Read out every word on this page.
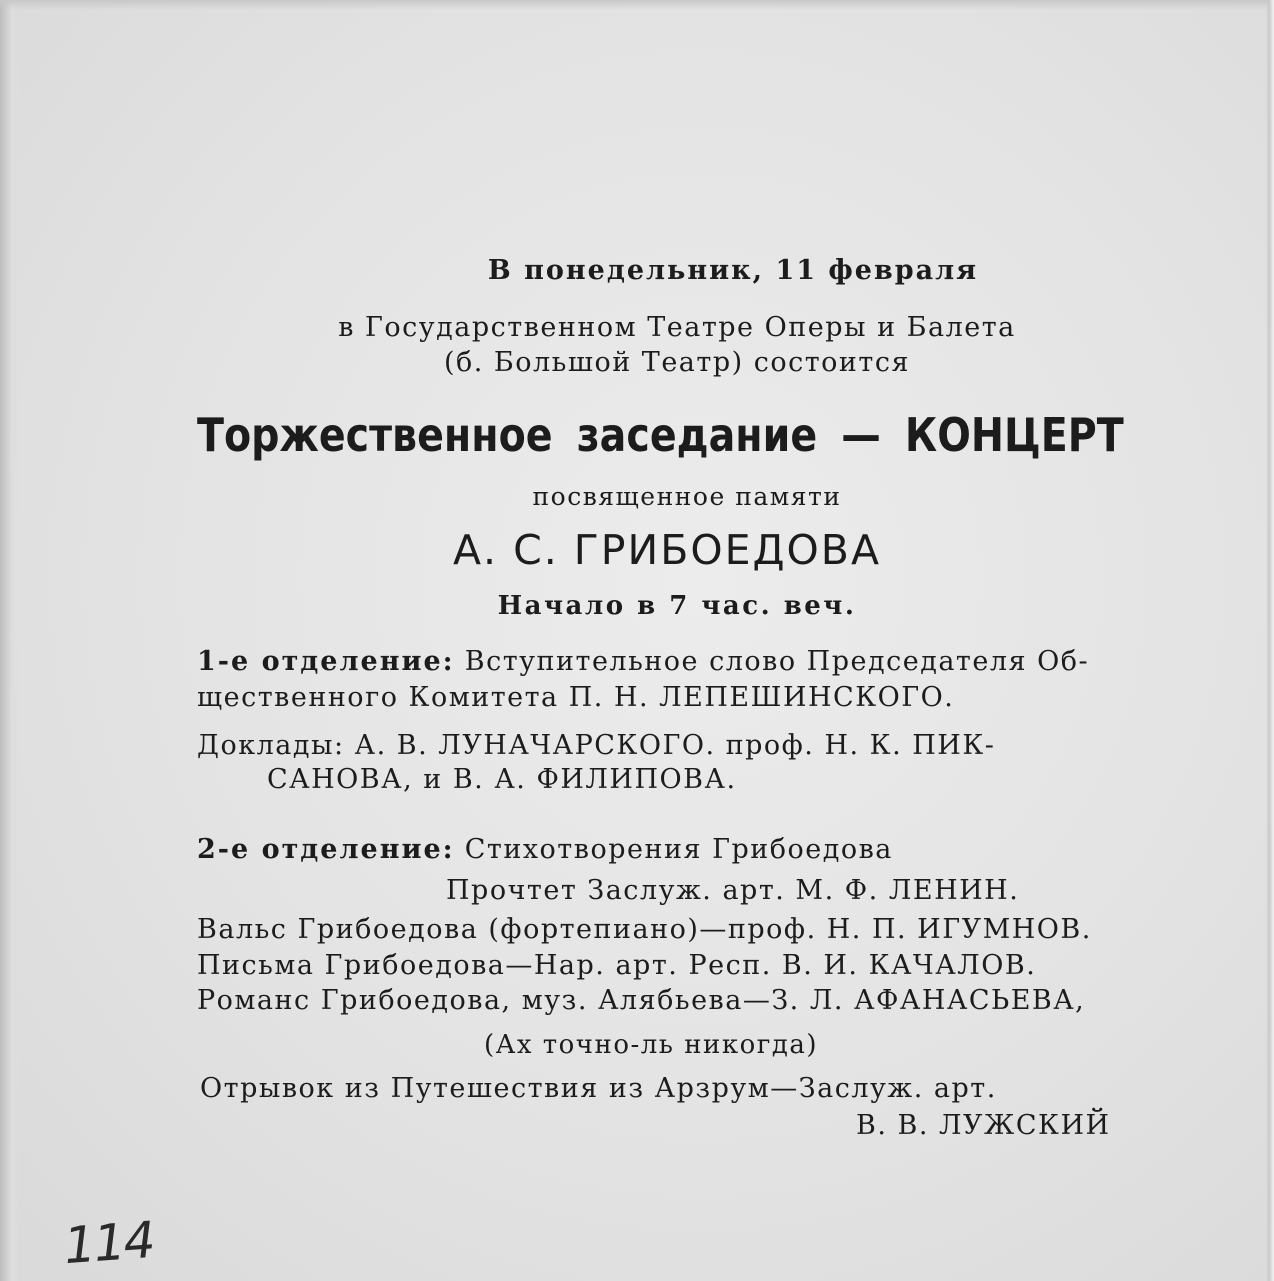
В понедельник, 11 февраля
в Государственном Театре Оперы и Балета
(б. Большой Театр) состоится
Торжественное заседание — КОНЦЕРТ
посвященное памяти
А. С. ГРИБОЕДОВА
Начало в 7 час. веч.
1-е отделение: Вступительное слово Председателя Об-
щественного Комитета П. Н. ЛЕПЕШИНСКОГО.
Доклады: А. В. ЛУНАЧАРСКОГО. проф. Н. К. ПИК-
САНОВА, и В. А. ФИЛИПОВА.
2-е отделение: Стихотворения Грибоедова
Прочтет Заслуж. арт. М. Ф. ЛЕНИН.
Вальс Грибоедова (фортепиано)—проф. Н. П. ИГУМНОВ.
Письма Грибоедова—Нар. арт. Респ. В. И. КАЧАЛОВ.
Романс Грибоедова, муз. Алябьева—З. Л. АФАНАСЬЕВА,
(Ах точно-ль никогда)
Отрывок из Путешествия из Арзрум—Заслуж. арт.
В. В. ЛУЖСКИЙ
114
